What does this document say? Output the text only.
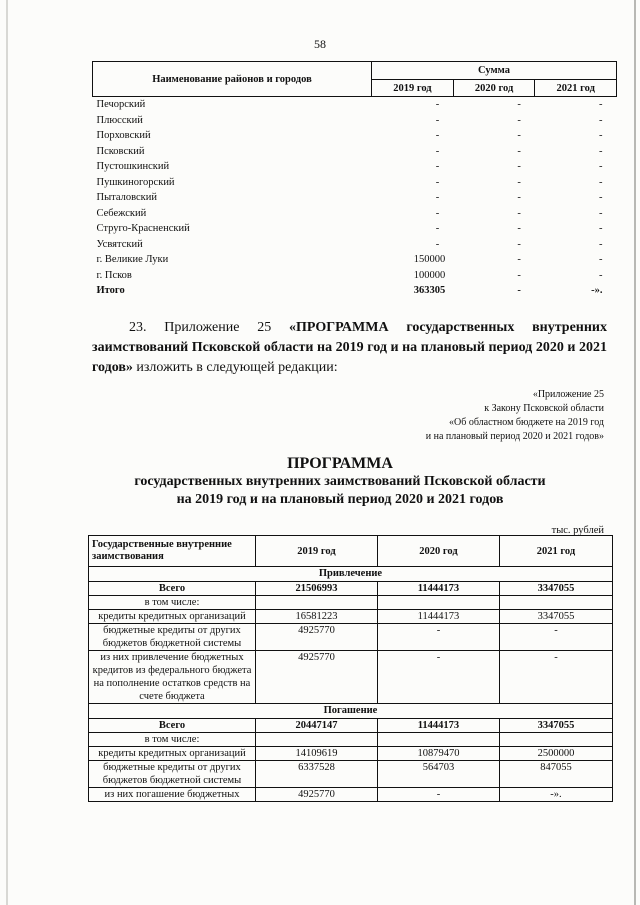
58
Наименование районов и городов	Сумма		
	2019 год	2020 год	2021 год
Печорский	-	-	-
Плюсский	-	-	-
Порховский	-	-	-
Псковский	-	-	-
Пустошкинский	-	-	-
Пушкиногорский	-	-	-
Пыталовский	-	-	-
Себежский	-	-	-
Струго-Красненский	-	-	-
Усвятский	-	-	-
г. Великие Луки	150000	-	-
г. Псков	100000	-	-
Итого	363305	-	-».
23. Приложение 25 «ПРОГРАММА государственных внутренних заимствований Псковской области на 2019 год и на плановый период 2020 и 2021 годов» изложить в следующей редакции:
«Приложение 25
к Закону Псковской области
«Об областном бюджете на 2019 год
и на плановый период 2020 и 2021 годов»
ПРОГРАММА
государственных внутренних заимствований Псковской области
на 2019 год и на плановый период 2020 и 2021 годов
тыс. рублей
Государственные внутренние заимствования	2019 год	2020 год	2021 год
Привлечение			
Всего	21506993	11444173	3347055
в том числе:			
кредиты кредитных организаций	16581223	11444173	3347055
бюджетные кредиты от других бюджетов бюджетной системы	4925770	-	-
из них привлечение бюджетных кредитов из федерального бюджета на пополнение остатков средств на счете бюджета	4925770	-	-
Погашение			
Всего	20447147	11444173	3347055
в том числе:			
кредиты кредитных организаций	14109619	10879470	2500000
бюджетные кредиты от других бюджетов бюджетной системы	6337528	564703	847055
из них погашение бюджетных	4925770	-	-».
